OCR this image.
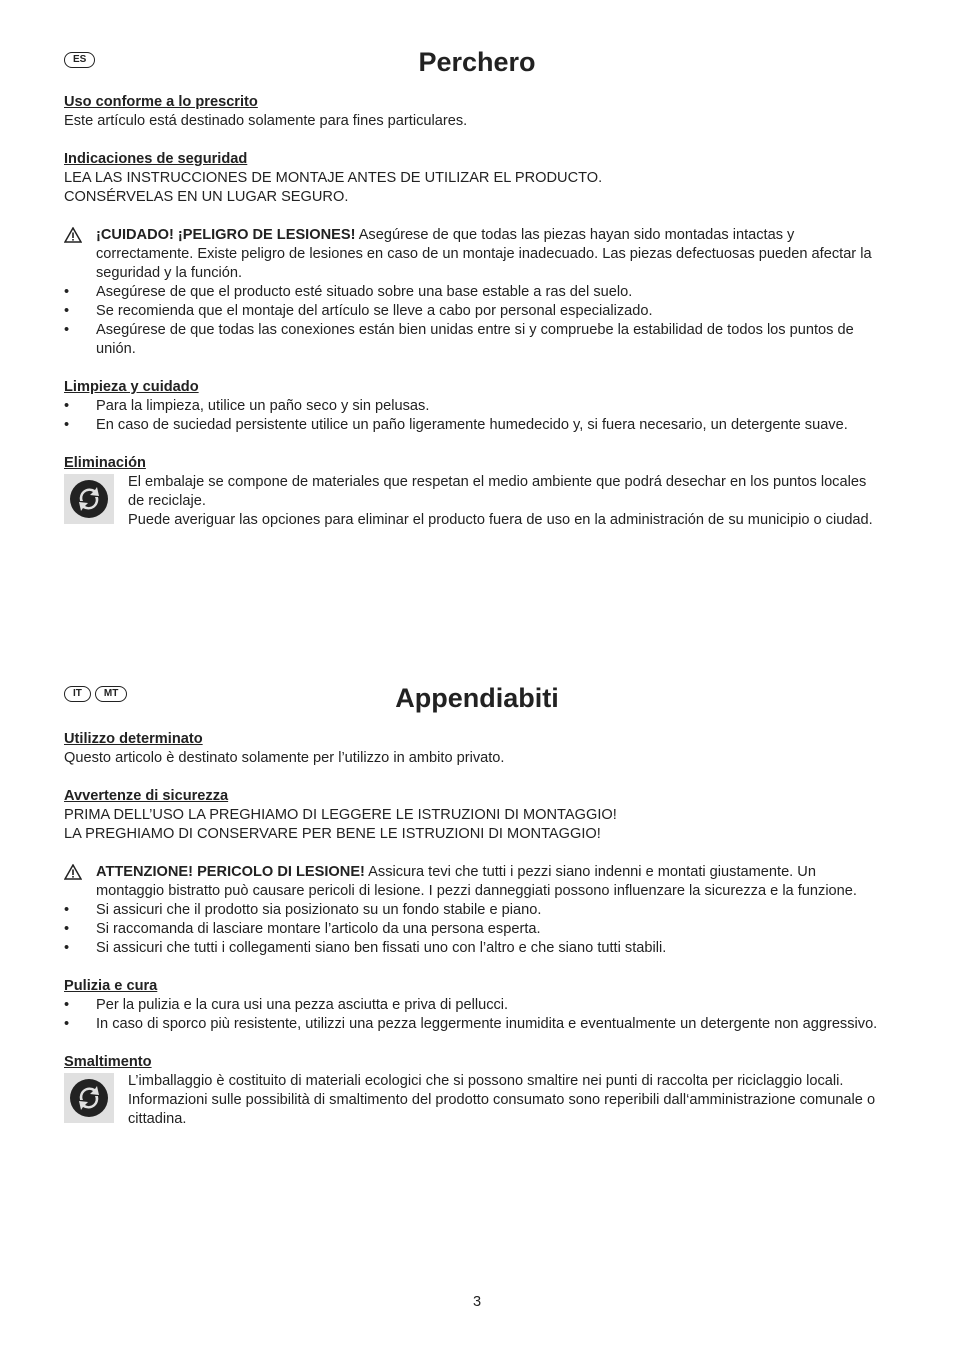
ES	Perchero
Uso conforme a lo prescrito

Este artículo está destinado solamente para fines particulares.

Indicaciones de seguridad

LEA LAS INSTRUCCIONES DE MONTAJE ANTES DE UTILIZAR EL PRODUCTO.

CONSÉRVELAS EN UN LUGAR SEGURO.

¡CUIDADO! ¡PELIGRO DE LESIONES! Asegúrese de que todas las piezas hayan sido montadas intactas y correctamente. Existe peligro de lesiones en caso de un montaje inadecuado. Las piezas defectuosas pueden afectar la seguridad y la función.

•	Asegúrese de que el producto esté situado sobre una base estable a ras del suelo.

•	Se recomienda que el montaje del artículo se lleve a cabo por personal especializado.

•	Asegúrese de que todas las conexiones están bien unidas entre si y compruebe la estabilidad de todos los puntos de unión.

Limpieza y cuidado
•	Para la limpieza, utilice un paño seco y sin pelusas.

•	En caso de suciedad persistente utilice un paño ligeramente humedecido y, si fuera necesario, un detergente suave.

Eliminación

El embalaje se compone de materiales que respetan el medio ambiente que podrá desechar en los puntos locales de reciclaje.

Puede averiguar las opciones para eliminar el producto fuera de uso en la administración de su municipio o ciudad.

IT	MT	Appendiabiti
Utilizzo determinato

Questo articolo è destinato solamente per l’utilizzo in ambito privato.

Avvertenze di sicurezza

PRIMA DELL’USO LA PREGHIAMO DI LEGGERE LE ISTRUZIONI DI MONTAGGIO!

LA PREGHIAMO DI CONSERVARE PER BENE LE ISTRUZIONI DI MONTAGGIO!

ATTENZIONE! PERICOLO DI LESIONE! Assicura tevi che tutti i pezzi siano indenni e montati giustamente. Un montaggio bistratto può causare pericoli di lesione. I pezzi danneggiati possono influenzare la sicurezza e la funzione.

•	Si assicuri che il prodotto sia posizionato su un fondo stabile e piano.

•	Si raccomanda di lasciare montare l’articolo da una persona esperta.

•	Si assicuri che tutti i collegamenti siano ben fissati uno con l’altro e che siano tutti stabili.

Pulizia e cura
•	Per la pulizia e la cura usi una pezza asciutta e priva di pellucci.

•	In caso di sporco più resistente, utilizzi una pezza leggermente inumidita e eventualmente un detergente non aggressivo.

Smaltimento

L’imballaggio è costituito di materiali ecologici che si possono smaltire nei punti di raccolta per riciclaggio locali.

Informazioni sulle possibilità di smaltimento del prodotto consumato sono reperibili dall‘amministrazione comunale o cittadina.

3
